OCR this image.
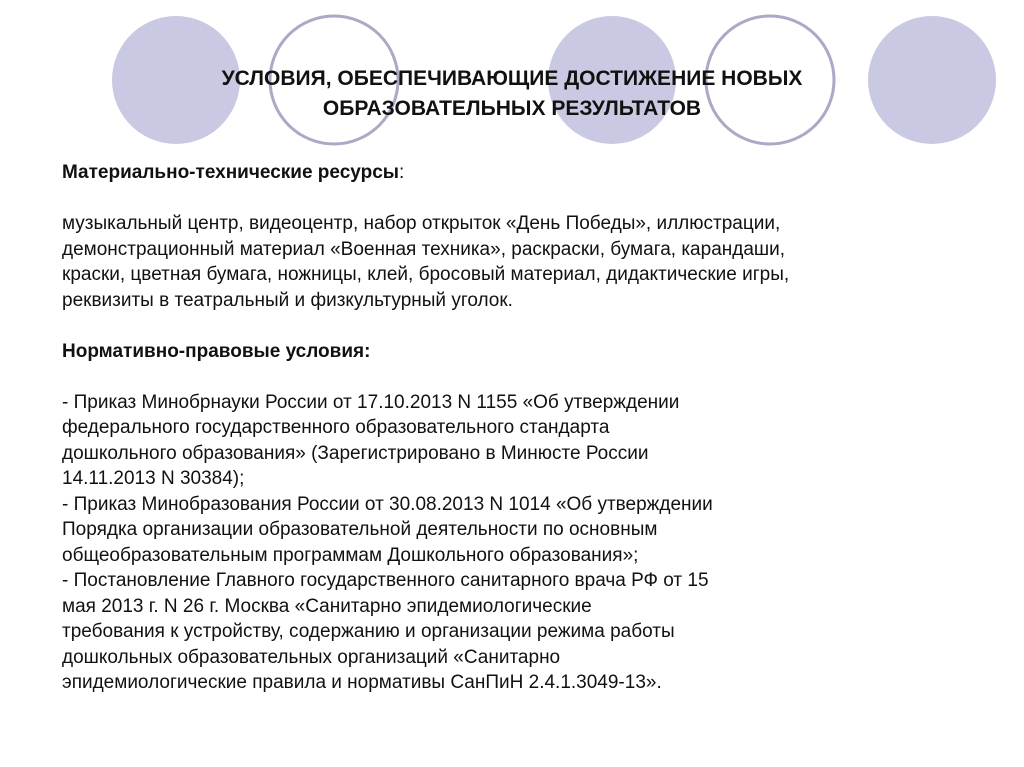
УСЛОВИЯ, ОБЕСПЕЧИВАЮЩИЕ ДОСТИЖЕНИЕ НОВЫХ
ОБРАЗОВАТЕЛЬНЫХ РЕЗУЛЬТАТОВ
Материально-технические ресурсы:
музыкальный центр, видеоцентр, набор открыток «День Победы», иллюстрации,
демонстрационный материал «Военная техника», раскраски, бумага, карандаши,
краски, цветная бумага, ножницы, клей, бросовый материал, дидактические игры,
реквизиты в театральный и физкультурный уголок.
Нормативно-правовые условия:
- Приказ Минобрнауки России от 17.10.2013 N 1155 «Об утверждении
федерального государственного образовательного стандарта
дошкольного образования» (Зарегистрировано в Минюсте России
14.11.2013 N 30384);
- Приказ Минобразования России от 30.08.2013 N 1014 «Об утверждении
Порядка организации образовательной деятельности по основным
общеобразовательным программам Дошкольного образования»;
- Постановление Главного государственного санитарного врача РФ от 15
мая 2013 г. N 26 г. Москва «Санитарно эпидемиологические
требования к устройству, содержанию и организации режима работы
дошкольных образовательных организаций «Санитарно
эпидемиологические правила и нормативы СанПиН 2.4.1.3049-13».
